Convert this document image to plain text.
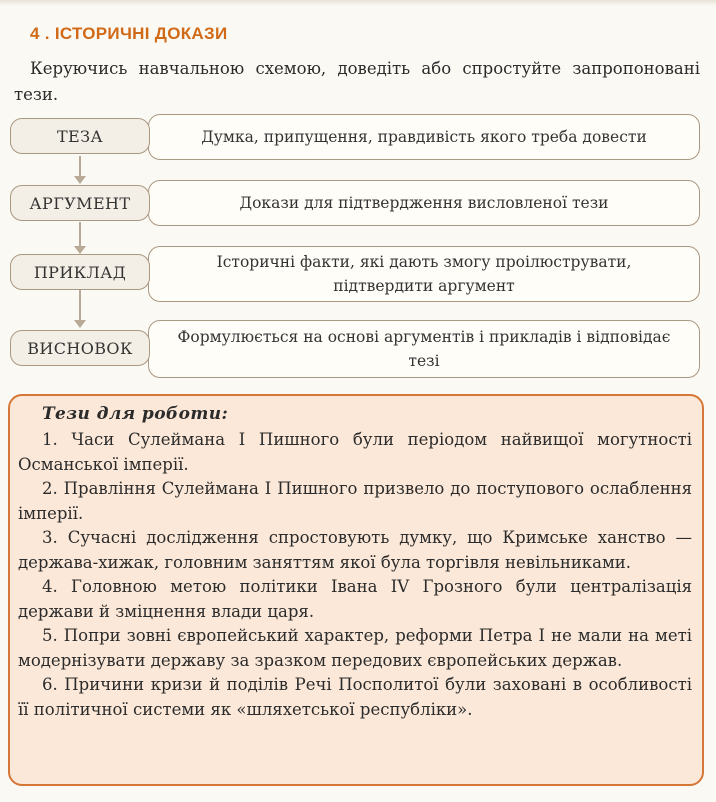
4 . ІСТОРИЧНІ ДОКАЗИ

Керуючись навчальною схемою, доведіть або спростуйте запропоновані тези.

Думка, припущення, правдивість якого треба довести
ТЕЗА
Докази для підтвердження висловленої тези
АРГУМЕНТ
Історичні факти, які дають змогу проілюструвати, підтвердити аргумент
ПРИКЛАД
Формулюється на основі аргументів і прикладів і відповідає тезі
ВИСНОВОК
Тези для роботи:

1. Часи Сулеймана І Пишного були періодом найвищої могутності Османської імперії.

2. Правління Сулеймана І Пишного призвело до поступового ослаблення імперії.

3. Сучасні дослідження спростовують думку, що Кримське ханство — держава-хижак, головним заняттям якої була торгівля невільниками.

4. Головною метою політики Івана IV Грозного були централізація держави й зміцнення влади царя.

5. Попри зовні європейський характер, реформи Петра І не мали на меті модернізувати державу за зразком передових європейських держав.

6. Причини кризи й поділів Речі Посполитої були заховані в особливості її політичної системи як «шляхетської республіки».
